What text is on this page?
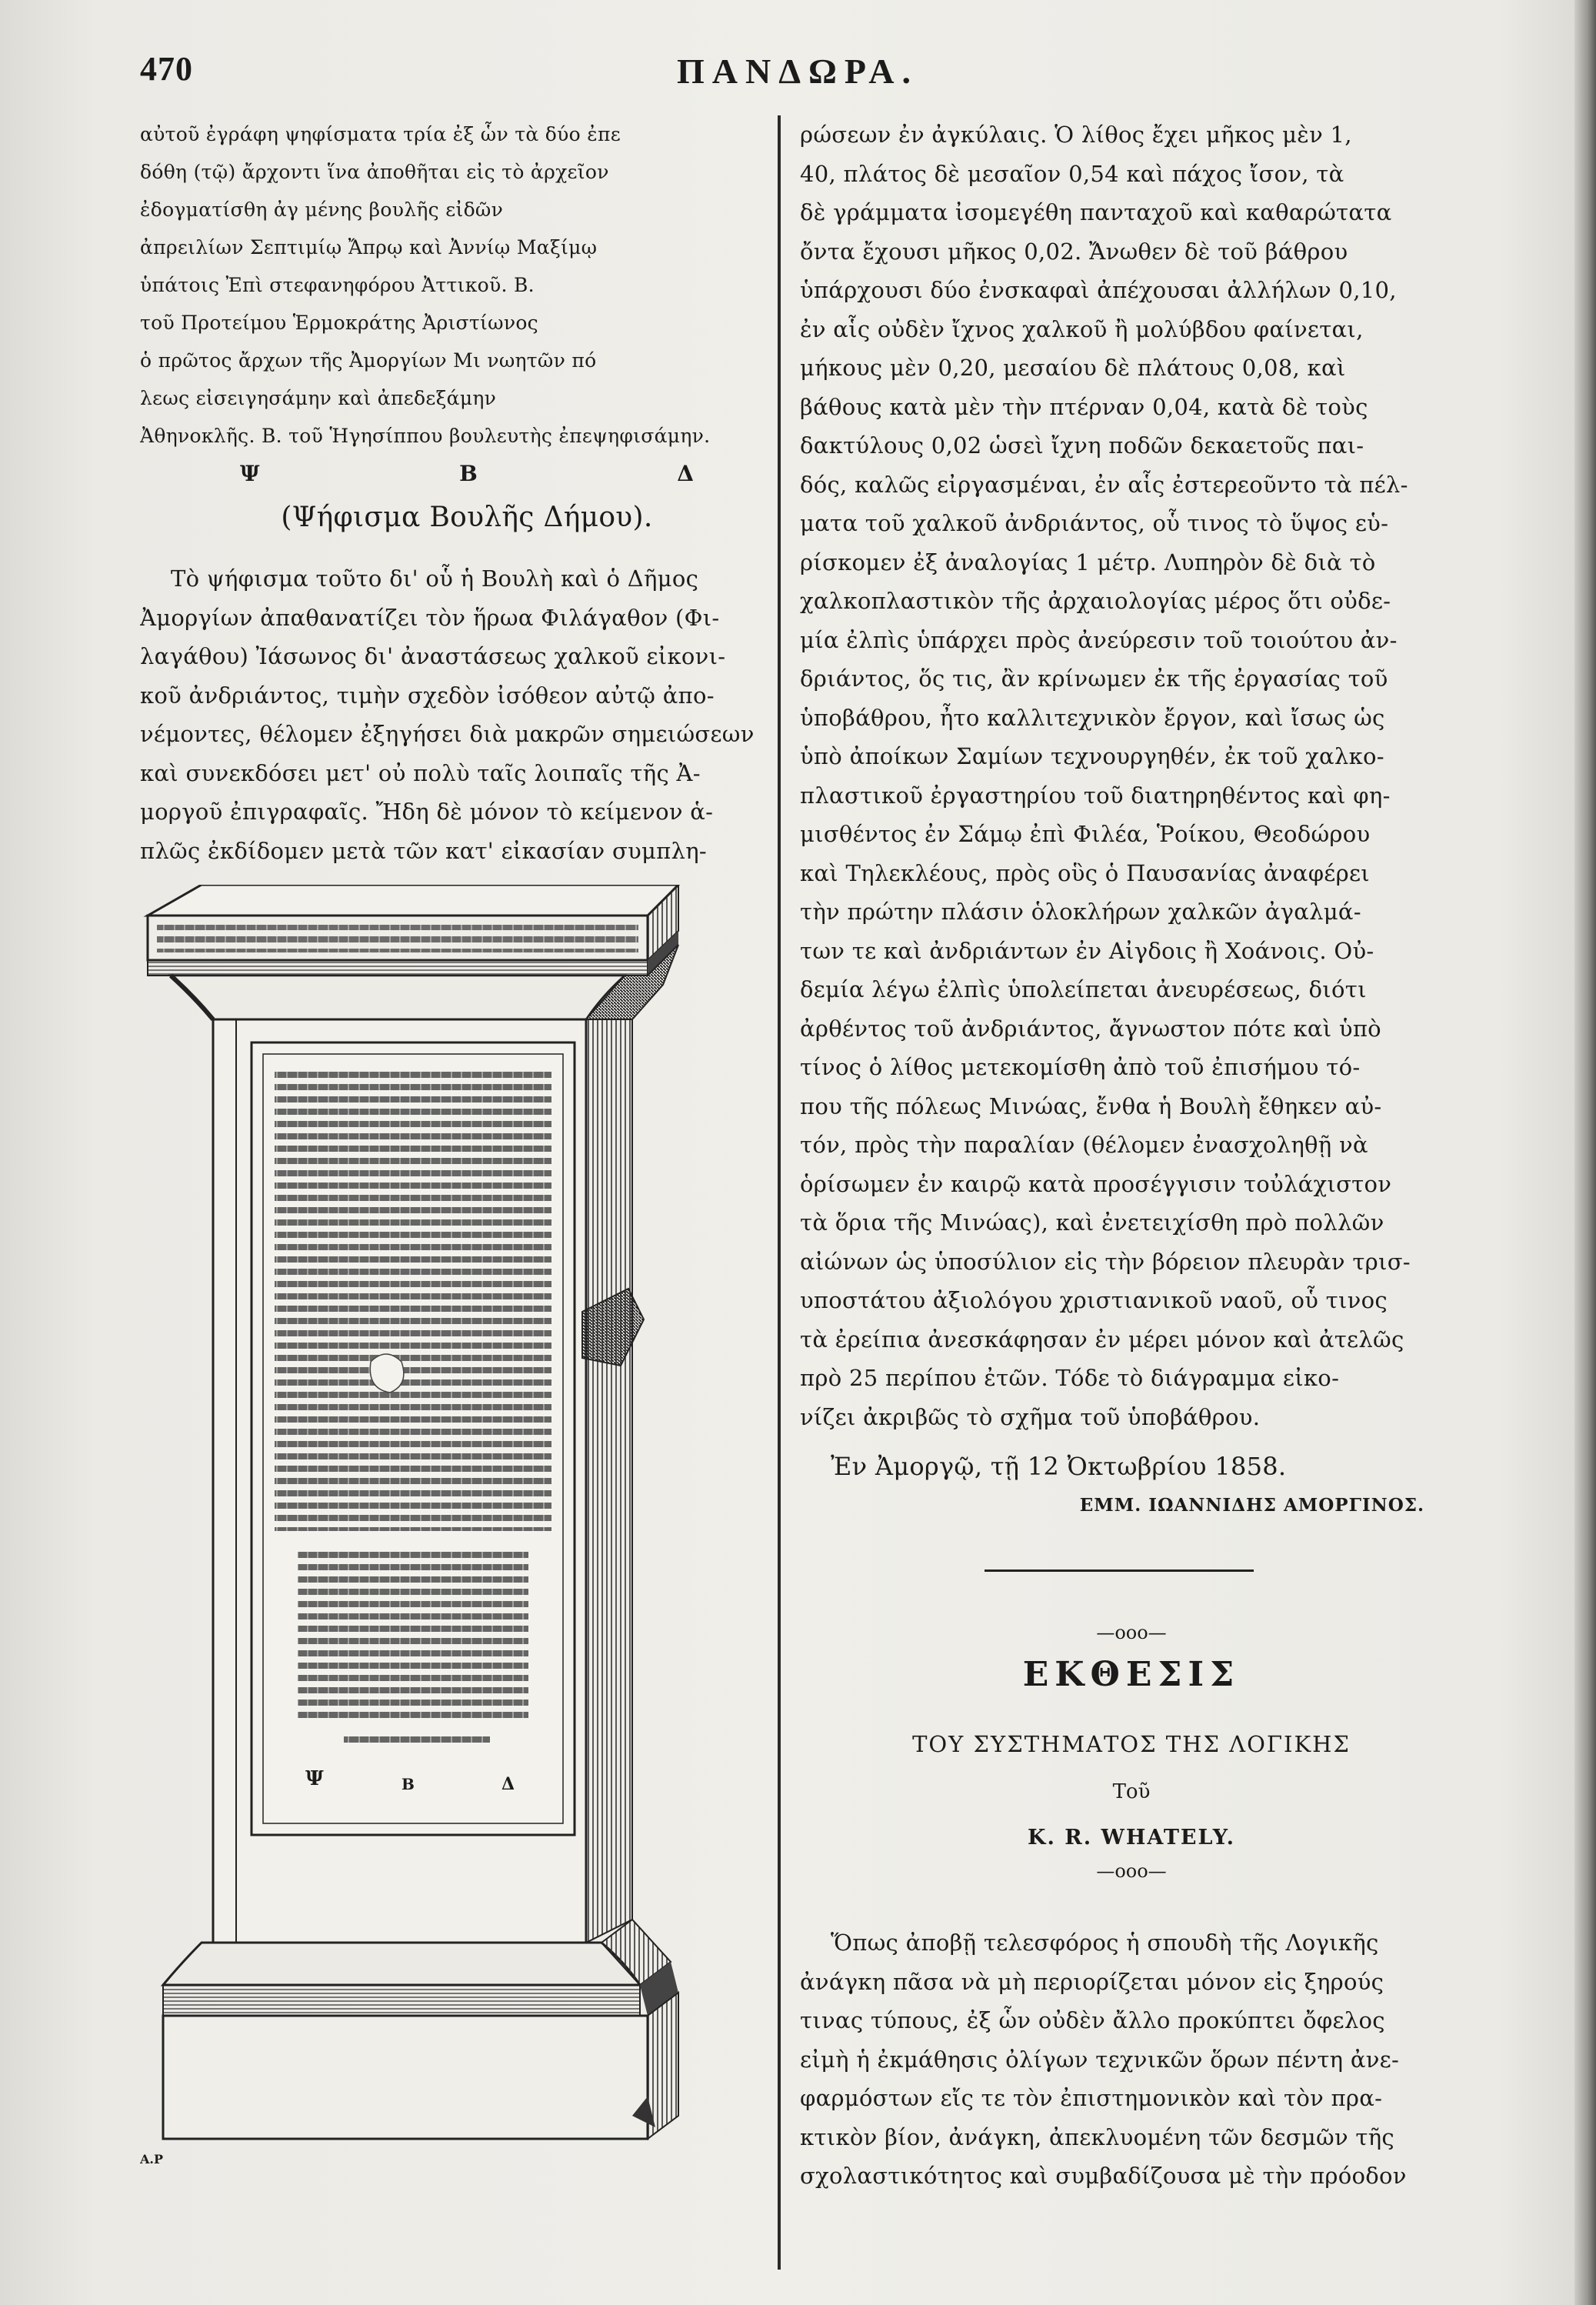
470	ΠΑΝΔΩΡΑ.
αὐτοῦ ἐγράφη ψηφίσματα τρία ἐξ ὧν τὰ δύο ἐπε
δόθη (τῷ) ἄρχοντι ἵνα ἀποθῆται εἰς τὸ ἀρχεῖον
ἐδογματίσθη ἀγ μένης βουλῆς εἰδῶν
ἀπρειλίων Σεπτιμίῳ Ἄπρῳ καὶ Ἀννίῳ Μαξίμῳ
ὑπάτοις Ἐπὶ στεφανηφόρου Ἀττικοῦ. Β.
τοῦ Προτείμου Ἑρμοκράτης Ἀριστίωνος
ὁ πρῶτος ἄρχων τῆς Ἀμοργίων Μι νωητῶν πό
λεως εἰσειγησάμην καὶ ἀπεδεξάμην
Ἀθηνοκλῆς. Β. τοῦ Ἡγησίππου βουλευτὴς ἐπεψηφισάμην.
Ψ	Β	Δ
(Ψήφισμα Βουλῆς Δήμου).
Τὸ ψήφισμα τοῦτο δι' οὗ ἡ Βουλὴ καὶ ὁ Δῆμος
Ἀμοργίων ἀπαθανατίζει τὸν ἥρωα Φιλάγαθον (Φι-
λαγάθου) Ἰάσωνος δι' ἀναστάσεως χαλκοῦ εἰκονι-
κοῦ ἀνδριάντος, τιμὴν σχεδὸν ἰσόθεον αὐτῷ ἀπο-
νέμοντες, θέλομεν ἐξηγήσει διὰ μακρῶν σημειώσεων
καὶ συνεκδόσει μετ' οὐ πολὺ ταῖς λοιπαῖς τῆς Ἀ-
μοργοῦ ἐπιγραφαῖς. Ἤδη δὲ μόνον τὸ κείμενον ἁ-
πλῶς ἐκδίδομεν μετὰ τῶν κατ' εἰκασίαν συμπλη-
Ψ	Β	Δ
A.P
ρώσεων ἐν ἀγκύλαις. Ὁ λίθος ἔχει μῆκος μὲν 1,
40, πλάτος δὲ μεσαῖον 0,54 καὶ πάχος ἴσον, τὰ
δὲ γράμματα ἰσομεγέθη πανταχοῦ καὶ καθαρώτατα
ὄντα ἔχουσι μῆκος 0,02. Ἄνωθεν δὲ τοῦ βάθρου
ὑπάρχουσι δύο ἐνσκαφαὶ ἀπέχουσαι ἀλλήλων 0,10,
ἐν αἷς οὐδὲν ἴχνος χαλκοῦ ἢ μολύβδου φαίνεται,
μήκους μὲν 0,20, μεσαίου δὲ πλάτους 0,08, καὶ
βάθους κατὰ μὲν τὴν πτέρναν 0,04, κατὰ δὲ τοὺς
δακτύλους 0,02 ὡσεὶ ἴχνη ποδῶν δεκαετοῦς παι-
δός, καλῶς εἰργασμέναι, ἐν αἷς ἐστερεοῦντο τὰ πέλ-
ματα τοῦ χαλκοῦ ἀνδριάντος, οὗ τινος τὸ ὕψος εὑ-
ρίσκομεν ἐξ ἀναλογίας 1 μέτρ. Λυπηρὸν δὲ διὰ τὸ
χαλκοπλαστικὸν τῆς ἀρχαιολογίας μέρος ὅτι οὐδε-
μία ἐλπὶς ὑπάρχει πρὸς ἀνεύρεσιν τοῦ τοιούτου ἀν-
δριάντος, ὅς τις, ἂν κρίνωμεν ἐκ τῆς ἐργασίας τοῦ
ὑποβάθρου, ἦτο καλλιτεχνικὸν ἔργον, καὶ ἴσως ὡς
ὑπὸ ἀποίκων Σαμίων τεχνουργηθέν, ἐκ τοῦ χαλκο-
πλαστικοῦ ἐργαστηρίου τοῦ διατηρηθέντος καὶ φη-
μισθέντος ἐν Σάμῳ ἐπὶ Φιλέα, Ῥοίκου, Θεοδώρου
καὶ Τηλεκλέους, πρὸς οὓς ὁ Παυσανίας ἀναφέρει
τὴν πρώτην πλάσιν ὁλοκλήρων χαλκῶν ἀγαλμά-
των τε καὶ ἀνδριάντων ἐν Αἰγδοις ἢ Χοάνοις. Οὐ-
δεμία λέγω ἐλπὶς ὑπολείπεται ἀνευρέσεως, διότι
ἀρθέντος τοῦ ἀνδριάντος, ἄγνωστον πότε καὶ ὑπὸ
τίνος ὁ λίθος μετεκομίσθη ἀπὸ τοῦ ἐπισήμου τό-
που τῆς πόλεως Μινώας, ἔνθα ἡ Βουλὴ ἔθηκεν αὐ-
τόν, πρὸς τὴν παραλίαν (θέλομεν ἐνασχοληθῇ νὰ
ὁρίσωμεν ἐν καιρῷ κατὰ προσέγγισιν τοὐλάχιστον
τὰ ὅρια τῆς Μινώας), καὶ ἐνετειχίσθη πρὸ πολλῶν
αἰώνων ὡς ὑποσύλιον εἰς τὴν βόρειον πλευρὰν τρισ-
υποστάτου ἀξιολόγου χριστιανικοῦ ναοῦ, οὗ τινος
τὰ ἐρείπια ἀνεσκάφησαν ἐν μέρει μόνον καὶ ἀτελῶς
πρὸ 25 περίπου ἐτῶν. Τόδε τὸ διάγραμμα εἰκο-
νίζει ἀκριβῶς τὸ σχῆμα τοῦ ὑποβάθρου.
Ἐν Ἀμοργῷ, τῇ 12 Ὀκτωβρίου 1858.
ΕΜΜ. ΙΩΑΝΝΙΔΗΣ ΑΜΟΡΓΙΝΟΣ.
—ooo—
ΕΚΘΕΣΙΣ
ΤΟΥ ΣΥΣΤΗΜΑΤΟΣ ΤΗΣ ΛΟΓΙΚΗΣ
Τοῦ
K. R. WHATELY.
—ooo—
Ὅπως ἀποβῇ τελεσφόρος ἡ σπουδὴ τῆς Λογικῆς
ἀνάγκη πᾶσα νὰ μὴ περιορίζεται μόνον εἰς ξηρούς
τινας τύπους, ἐξ ὧν οὐδὲν ἄλλο προκύπτει ὄφελος
εἰμὴ ἡ ἐκμάθησις ὀλίγων τεχνικῶν ὅρων πέντη ἀνε-
φαρμόστων εἴς τε τὸν ἐπιστημονικὸν καὶ τὸν πρα-
κτικὸν βίον, ἀνάγκη, ἀπεκλυομένη τῶν δεσμῶν τῆς
σχολαστικότητος καὶ συμβαδίζουσα μὲ τὴν πρόοδον
